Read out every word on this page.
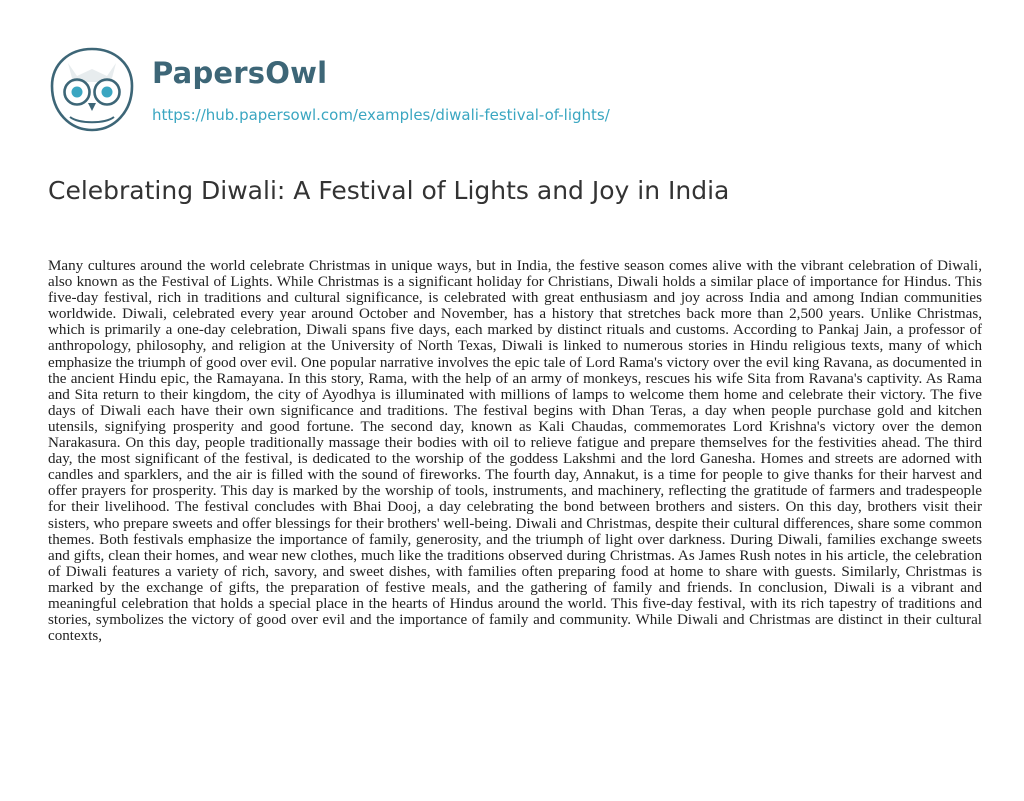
PapersOwl
https://hub.papersowl.com/examples/diwali-festival-of-lights/
Celebrating Diwali: A Festival of Lights and Joy in India

Many cultures around the world celebrate Christmas in unique ways, but in India, the festive season comes alive with the vibrant celebration of Diwali, also known as the Festival of Lights. While Christmas is a significant holiday for Christians, Diwali holds a similar place of importance for Hindus. This five-day festival, rich in traditions and cultural significance, is celebrated with great enthusiasm and joy across India and among Indian communities worldwide. Diwali, celebrated every year around October and November, has a history that stretches back more than 2,500 years. Unlike Christmas, which is primarily a one-day celebration, Diwali spans five days, each marked by distinct rituals and customs. According to Pankaj Jain, a professor of anthropology, philosophy, and religion at the University of North Texas, Diwali is linked to numerous stories in Hindu religious texts, many of which emphasize the triumph of good over evil. One popular narrative involves the epic tale of Lord Rama's victory over the evil king Ravana, as documented in the ancient Hindu epic, the Ramayana. In this story, Rama, with the help of an army of monkeys, rescues his wife Sita from Ravana's captivity. As Rama and Sita return to their kingdom, the city of Ayodhya is illuminated with millions of lamps to welcome them home and celebrate their victory. The five days of Diwali each have their own significance and traditions. The festival begins with Dhan Teras, a day when people purchase gold and kitchen utensils, signifying prosperity and good fortune. The second day, known as Kali Chaudas, commemorates Lord Krishna's victory over the demon Narakasura. On this day, people traditionally massage their bodies with oil to relieve fatigue and prepare themselves for the festivities ahead. The third day, the most significant of the festival, is dedicated to the worship of the goddess Lakshmi and the lord Ganesha. Homes and streets are adorned with candles and sparklers, and the air is filled with the sound of fireworks. The fourth day, Annakut, is a time for people to give thanks for their harvest and offer prayers for prosperity. This day is marked by the worship of tools, instruments, and machinery, reflecting the gratitude of farmers and tradespeople for their livelihood. The festival concludes with Bhai Dooj, a day celebrating the bond between brothers and sisters. On this day, brothers visit their sisters, who prepare sweets and offer blessings for their brothers' well-being. Diwali and Christmas, despite their cultural differences, share some common themes. Both festivals emphasize the importance of family, generosity, and the triumph of light over darkness. During Diwali, families exchange sweets and gifts, clean their homes, and wear new clothes, much like the traditions observed during Christmas. As James Rush notes in his article, the celebration of Diwali features a variety of rich, savory, and sweet dishes, with families often preparing food at home to share with guests. Similarly, Christmas is marked by the exchange of gifts, the preparation of festive meals, and the gathering of family and friends. In conclusion, Diwali is a vibrant and meaningful celebration that holds a special place in the hearts of Hindus around the world. This five-day festival, with its rich tapestry of traditions and stories, symbolizes the victory of good over evil and the importance of family and community. While Diwali and Christmas are distinct in their cultural contexts,
